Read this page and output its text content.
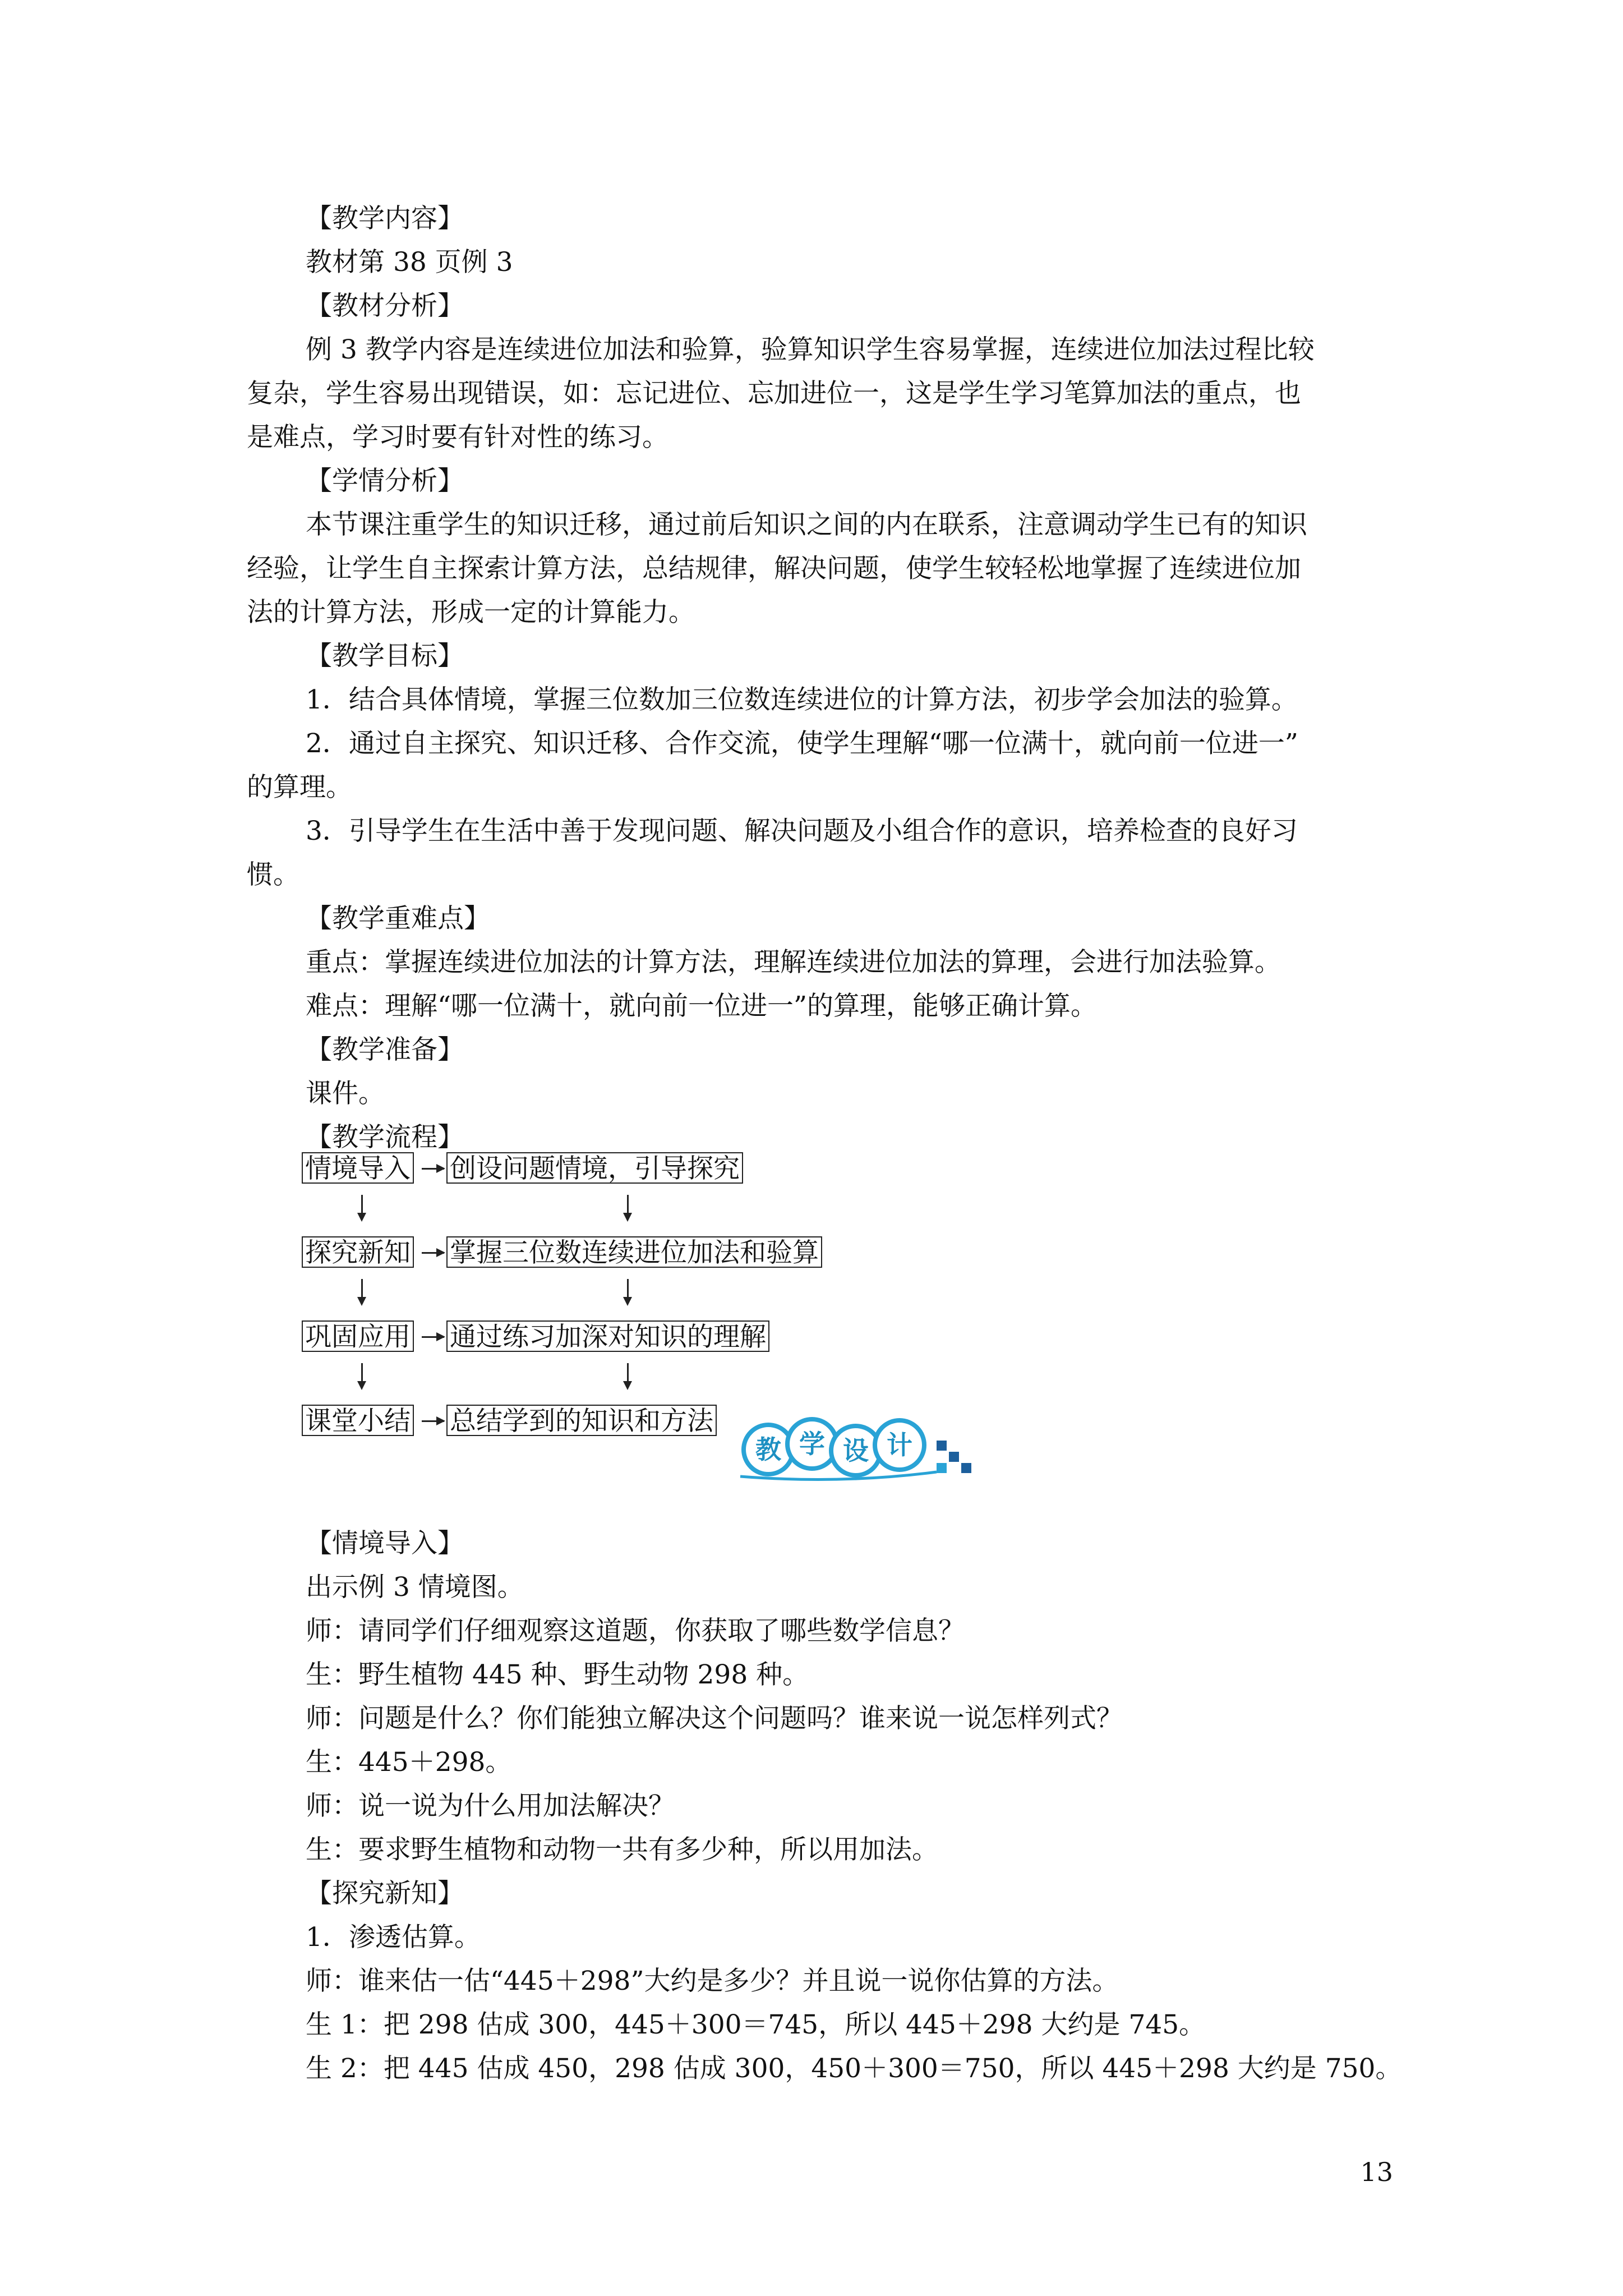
【教学内容】
教材第 38 页例 3
【教材分析】
例 3 教学内容是连续进位加法和验算，验算知识学生容易掌握，连续进位加法过程比较
复杂，学生容易出现错误，如：忘记进位、忘加进位一，这是学生学习笔算加法的重点，也
是难点，学习时要有针对性的练习。
【学情分析】
本节课注重学生的知识迁移，通过前后知识之间的内在联系，注意调动学生已有的知识
经验，让学生自主探索计算方法，总结规律，解决问题，使学生较轻松地掌握了连续进位加
法的计算方法，形成一定的计算能力。
【教学目标】
1．结合具体情境，掌握三位数加三位数连续进位的计算方法，初步学会加法的验算。
2．通过自主探究、知识迁移、合作交流，使学生理解“哪一位满十，就向前一位进一”
的算理。
3．引导学生在生活中善于发现问题、解决问题及小组合作的意识，培养检查的良好习
惯。
【教学重难点】
重点：掌握连续进位加法的计算方法，理解连续进位加法的算理，会进行加法验算。
难点：理解“哪一位满十，就向前一位进一”的算理，能够正确计算。
【教学准备】
课件。
【教学流程】
情境导入 创设问题情境，引导探究
探究新知 掌握三位数连续进位加法和验算
巩固应用 通过练习加深对知识的理解
课堂小结 总结学到的知识和方法
教 学 设 计
【情境导入】
出示例 3 情境图。
师：请同学们仔细观察这道题，你获取了哪些数学信息？
生：野生植物 445 种、野生动物 298 种。
师：问题是什么？你们能独立解决这个问题吗？谁来说一说怎样列式？
生：445＋298。
师：说一说为什么用加法解决？
生：要求野生植物和动物一共有多少种，所以用加法。
【探究新知】
1．渗透估算。
师：谁来估一估“445＋298”大约是多少？并且说一说你估算的方法。
生 1：把 298 估成 300，445＋300＝745，所以 445＋298 大约是 745。
生 2：把 445 估成 450，298 估成 300，450＋300＝750，所以 445＋298 大约是 750。
13
